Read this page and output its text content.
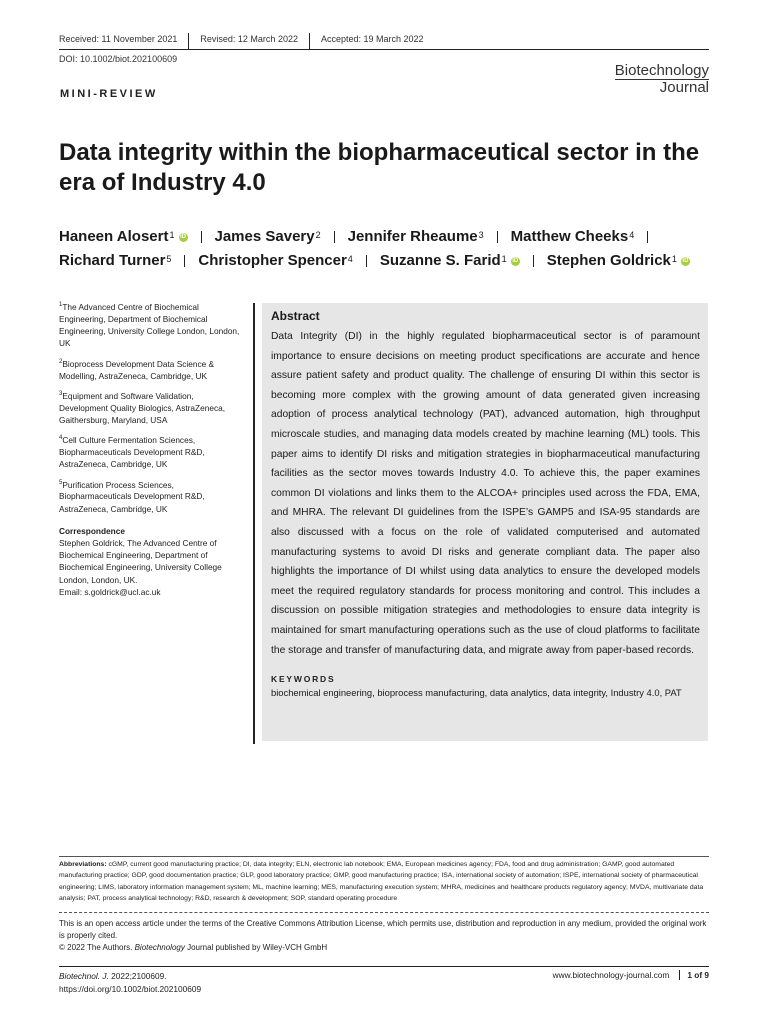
Received: 11 November 2021	Revised: 12 March 2022	Accepted: 19 March 2022
DOI: 10.1002/biot.202100609
Biotechnology
Journal
MINI-REVIEW
Data integrity within the biopharmaceutical sector in the era of Industry 4.0
Haneen Alosert$^1$ iD James Savery$^2$ Jennifer Rheaume$^3$ Matthew Cheeks$^4$
Richard Turner$^5$ Christopher Spencer$^4$ Suzanne S. Farid$^1$ iD Stephen Goldrick$^1$ iD
$^1$The Advanced Centre of Biochemical Engineering, Department of Biochemical Engineering, University College London, London, UK
$^2$Bioprocess Development Data Science & Modelling, AstraZeneca, Cambridge, UK
$^3$Equipment and Software Validation, Development Quality Biologics, AstraZeneca, Gaithersburg, Maryland, USA
$^4$Cell Culture Fermentation Sciences, Biopharmaceuticals Development R&D, AstraZeneca, Cambridge, UK
$^5$Purification Process Sciences, Biopharmaceuticals Development R&D, AstraZeneca, Cambridge, UK
Correspondence
Stephen Goldrick, The Advanced Centre of Biochemical Engineering, Department of Biochemical Engineering, University College London, London, UK.
Email: s.goldrick@ucl.ac.uk
Abstract

Data Integrity (DI) in the highly regulated biopharmaceutical sector is of paramount importance to ensure decisions on meeting product specifications are accurate and hence assure patient safety and product quality. The challenge of ensuring DI within this sector is becoming more complex with the growing amount of data generated given increasing adoption of process analytical technology (PAT), advanced automation, high throughput microscale studies, and managing data models created by machine learning (ML) tools. This paper aims to identify DI risks and mitigation strategies in biopharmaceutical manufacturing facilities as the sector moves towards Industry 4.0. To achieve this, the paper examines common DI violations and links them to the ALCOA+ principles used across the FDA, EMA, and MHRA. The relevant DI guidelines from the ISPE’s GAMP5 and ISA-95 standards are also discussed with a focus on the role of validated computerised and automated manufacturing systems to avoid DI risks and generate compliant data. The paper also highlights the importance of DI whilst using data analytics to ensure the developed models meet the required regulatory standards for process monitoring and control. This includes a discussion on possible mitigation strategies and methodologies to ensure data integrity is maintained for smart manufacturing operations such as the use of cloud platforms to facilitate the storage and transfer of manufacturing data, and migrate away from paper-based records.

KEYWORDS
biochemical engineering, bioprocess manufacturing, data analytics, data integrity, Industry 4.0, PAT
Abbreviations: cGMP, current good manufacturing practice; DI, data integrity; ELN, electronic lab notebook; EMA, European medicines agency; FDA, food and drug administration; GAMP, good automated manufacturing practice; GDP, good documentation practice; GLP, good laboratory practice; GMP, good manufacturing practice; ISA, international society of automation; ISPE, international society of pharmaceutical engineering; LIMS, laboratory information management system; ML, machine learning; MES, manufacturing execution system; MHRA, medicines and healthcare products regulatory agency; MVDA, multivariate data analysis; PAT, process analytical technology; R&D, research & development; SOP, standard operating procedure
This is an open access article under the terms of the Creative Commons Attribution License, which permits use, distribution and reproduction in any medium, provided the original work is properly cited.
© 2022 The Authors. Biotechnology Journal published by Wiley-VCH GmbH
Biotechnol. J. 2022;2100609.
https://doi.org/10.1002/biot.202100609
www.biotechnology-journal.com	1 of 9
